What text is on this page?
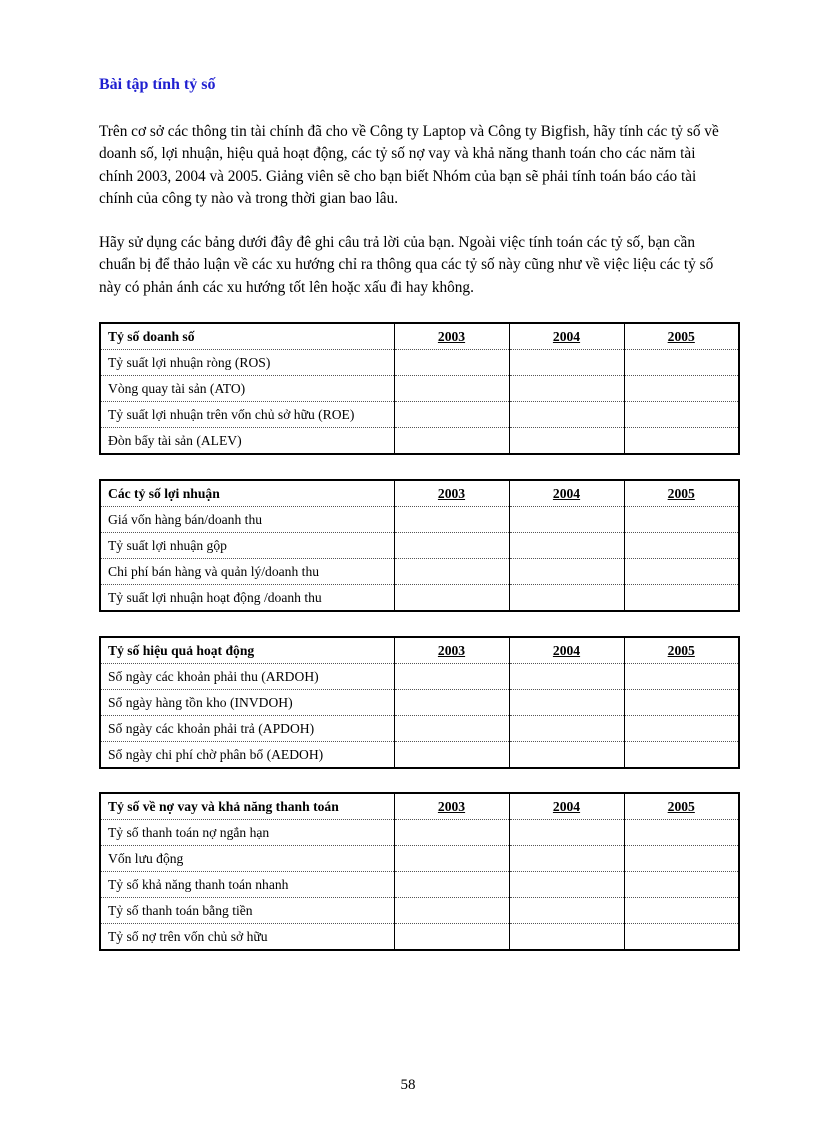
Bài tập tính tỷ số

Trên cơ sở các thông tin tài chính đã cho về Công ty Laptop và Công ty Bigfish, hãy tính các tỷ số về doanh số, lợi nhuận, hiệu quả hoạt động, các tỷ số nợ vay và khả năng thanh toán cho các năm tài chính 2003, 2004 và 2005. Giảng viên sẽ cho bạn biết Nhóm của bạn sẽ phải tính toán báo cáo tài chính của công ty nào và trong thời gian bao lâu.

Hãy sử dụng các bảng dưới đây đê ghi câu trả lời của bạn. Ngoài việc tính toán các tỷ số, bạn cần chuẩn bị để thảo luận về các xu hướng chỉ ra thông qua các tỷ số này cũng như về việc liệu các tỷ số này có phản ánh các xu hướng tốt lên hoặc xấu đi hay không.

Tỷ số doanh số	2003	2004	2005
Tỷ suất lợi nhuận ròng (ROS)			
Vòng quay tài sản (ATO)			
Tỷ suất lợi nhuận trên vốn chủ sở hữu (ROE)			
Đòn bẩy tài sản (ALEV)			
Các tỷ số lợi nhuận	2003	2004	2005
Giá vốn hàng bán/doanh thu			
Tỷ suất lợi nhuận gộp			
Chi phí bán hàng và quản lý/doanh thu			
Tỷ suất lợi nhuận hoạt động /doanh thu			
Tỷ số hiệu quả hoạt động	2003	2004	2005
Số ngày các khoản phải thu (ARDOH)			
Số ngày hàng tồn kho (INVDOH)			
Số ngày các khoản phải trả (APDOH)			
Số ngày chi phí chờ phân bổ (AEDOH)			
Tỷ số về nợ vay và khả năng thanh toán	2003	2004	2005
Tỷ số thanh toán nợ ngắn hạn			
Vốn lưu động			
Tỷ số khả năng thanh toán nhanh			
Tỷ số thanh toán bằng tiền			
Tỷ số nợ trên vốn chủ sở hữu			
58
